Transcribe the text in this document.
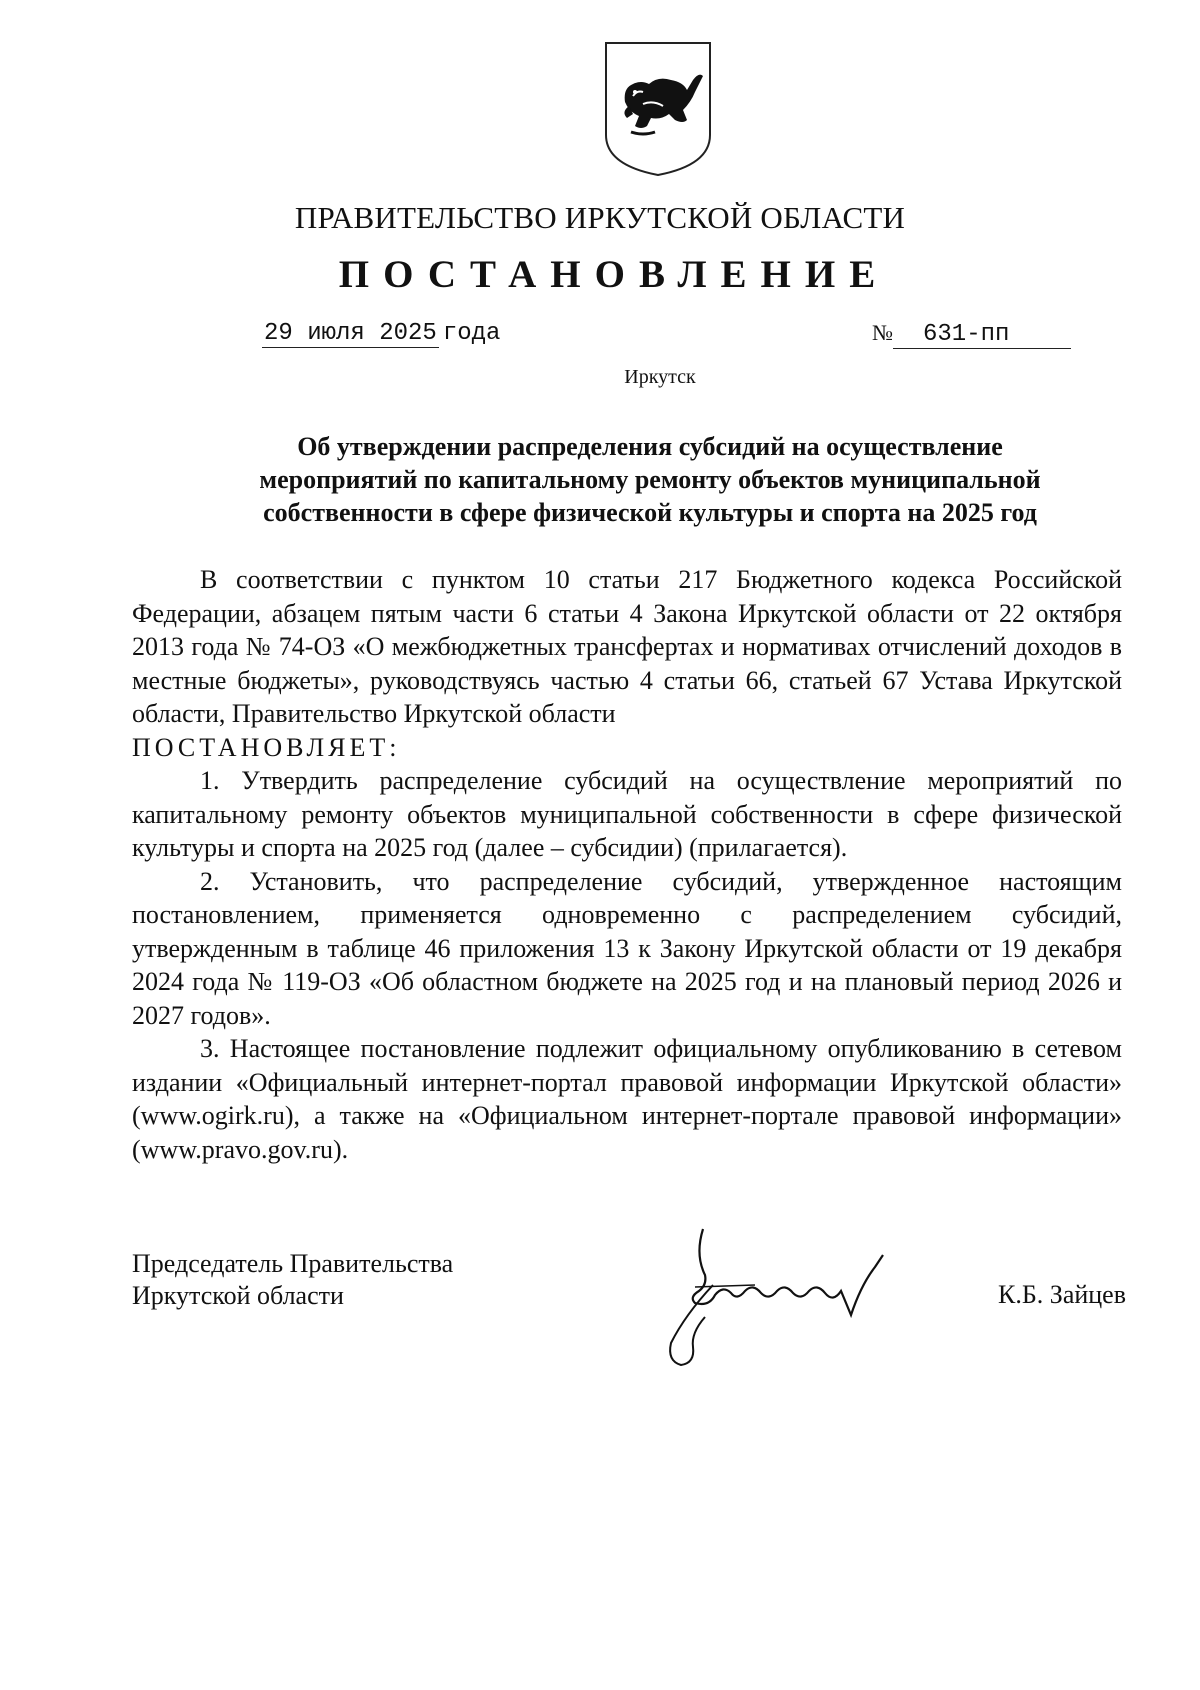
ПРАВИТЕЛЬСТВО ИРКУТСКОЙ ОБЛАСТИ
ПОСТАНОВЛЕНИЕ
29 июля 2025 года	№ 631-пп
Иркутск
Об утверждении распределения субсидий на осуществление
мероприятий по капитальному ремонту объектов муниципальной
собственности в сфере физической культуры и спорта на 2025 год

В соответствии с пунктом 10 статьи 217 Бюджетного кодекса Российской Федерации, абзацем пятым части 6 статьи 4 Закона Иркутской области от 22 октября 2013 года № 74-ОЗ «О межбюджетных трансфертах и нормативах отчислений доходов в местные бюджеты», руководствуясь частью 4 статьи 66, статьей 67 Устава Иркутской области, Правительство Иркутской области

ПОСТАНОВЛЯЕТ:

1. Утвердить распределение субсидий на осуществление мероприятий по капитальному ремонту объектов муниципальной собственности в сфере физической культуры и спорта на 2025 год (далее – субсидии) (прилагается).

2. Установить, что распределение субсидий, утвержденное настоящим постановлением, применяется одновременно с распределением субсидий, утвержденным в таблице 46 приложения 13 к Закону Иркутской области от 19 декабря 2024 года № 119-ОЗ «Об областном бюджете на 2025 год и на плановый период 2026 и 2027 годов».

3. Настоящее постановление подлежит официальному опубликованию в сетевом издании «Официальный интернет-портал правовой информации Иркутской области» (www.ogirk.ru), а также на «Официальном интернет-портале правовой информации» (www.pravo.gov.ru).

Председатель Правительства
Иркутской области	К.Б. Зайцев
